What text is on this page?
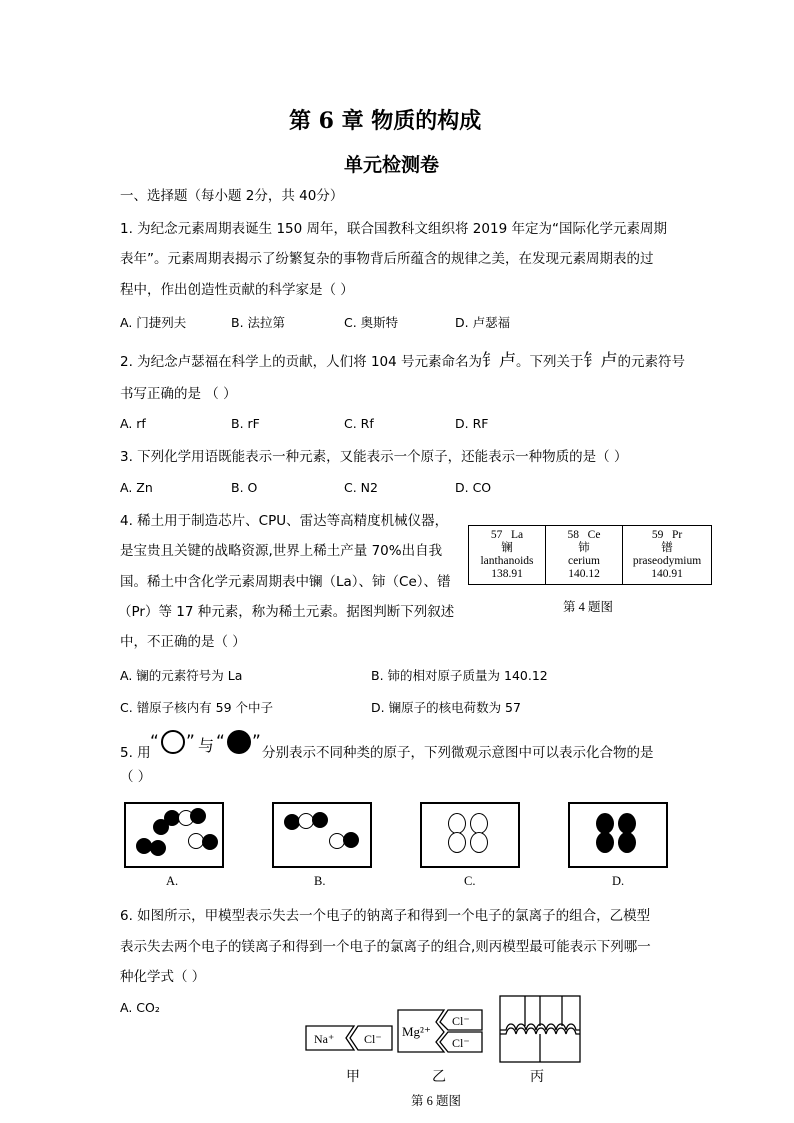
第 6 章 物质的构成
单元检测卷
一、选择题（每小题 2分，共 40分）
1. 为纪念元素周期表诞生 150 周年，联合国教科文组织将 2019 年定为“国际化学元素周期
表年”。元素周期表揭示了纷繁复杂的事物背后所蕴含的规律之美，在发现元素周期表的过
程中，作出创造性贡献的科学家是（ ）
A. 门捷列夫	B. 法拉第	C. 奥斯特	D. 卢瑟福
2. 为纪念卢瑟福在科学上的贡献，人们将 104 号元素命名为钅卢。下列关于钅卢的元素符号
书写正确的是 （ ）
A. rf	B. rF	C. Rf	D. RF
3. 下列化学用语既能表示一种元素，又能表示一个原子，还能表示一种物质的是（ ）
A. Zn	B. O	C. N2	D. CO
4. 稀土用于制造芯片、CPU、雷达等高精度机械仪器，
是宝贵且关键的战略资源,世界上稀土产量 70%出自我
国。稀土中含化学元素周期表中镧（La）、铈（Ce）、镨
（Pr）等 17 种元素，称为稀土元素。据图判断下列叙述
中，不正确的是（ ）
57 La
镧
lanthanoids
138.91

58 Ce
铈
cerium
140.12

59 Pr
镨
praseodymium
140.91
第 4 题图
A. 镧的元素符号为 La	B. 铈的相对原子质量为 140.12
C. 镨原子核内有 59 个中子	D. 镧原子的核电荷数为 57
5. 用
“ ” 与 “ ”
分别表示不同种类的原子，下列微观示意图中可以表示化合物的是
（ ）
A.	B.	C.	D.
6. 如图所示，甲模型表示失去一个电子的钠离子和得到一个电子的氯离子的组合，乙模型
表示失去两个电子的镁离子和得到一个电子的氯离子的组合,则丙模型最可能表示下列哪一
种化学式（ ）
A. CO₂
Na⁺ Cl⁻ Mg²⁺
Cl⁻
Cl⁻
甲	乙	丙
第 6 题图
